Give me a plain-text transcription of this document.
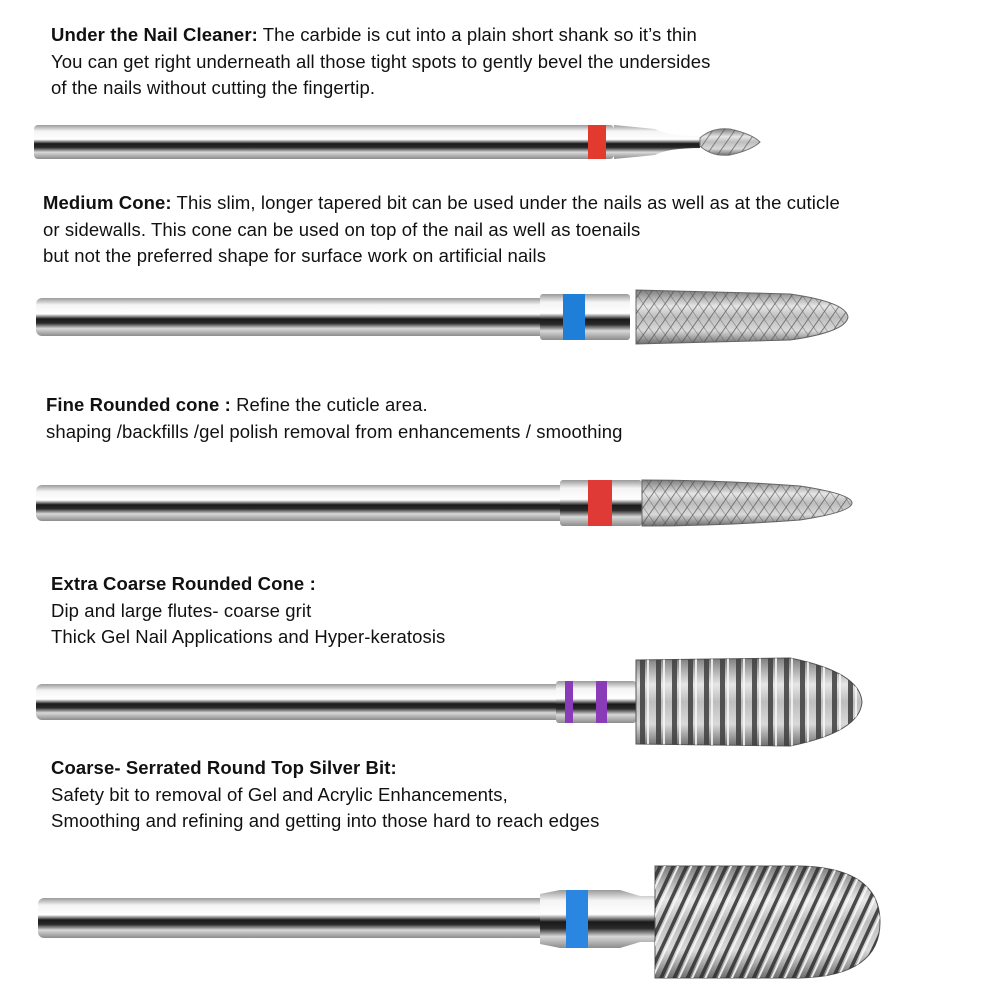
Under the Nail Cleaner: The carbide is cut into a plain short shank so it’s thin
You can get right underneath all those tight spots to gently bevel the undersides
of the nails without cutting the fingertip.
Medium Cone: This slim, longer tapered bit can be used under the nails as well as at the cuticle
or sidewalls. This cone can be used on top of the nail as well as toenails
but not the preferred shape for surface work on artificial nails
Fine Rounded cone : Refine the cuticle area.
shaping /backfills /gel polish removal from enhancements / smoothing
Extra Coarse Rounded Cone :
Dip and large flutes- coarse grit
Thick Gel Nail Applications and Hyper-keratosis
Coarse- Serrated Round Top Silver Bit:
Safety bit to removal of Gel and Acrylic Enhancements,
Smoothing and refining and getting into those hard to reach edges
